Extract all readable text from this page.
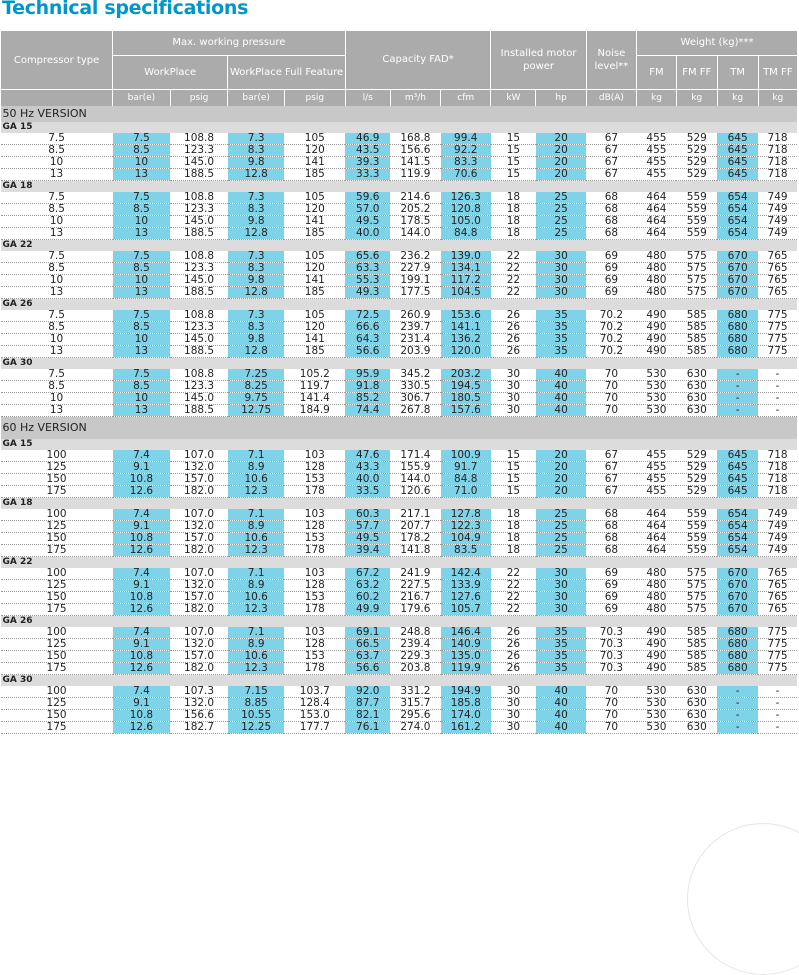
Technical specifications
Compressor type	Max. working pressure				Capacity FAD*			Installed motor power		Noise level**	Weight (kg)***			
	WorkPlace		WorkPlace Full Feature								FM	FM FF	TM	TM FF
	bar(e)	psig	bar(e)	psig	l/s	m³/h	cfm	kW	hp	dB(A)	kg	kg	kg	kg
50 Hz VERSION														
GA 15														
7.5	7.5	108.8	7.3	105	46.9	168.8	99.4	15	20	67	455	529	645	718
8.5	8.5	123.3	8.3	120	43.5	156.6	92.2	15	20	67	455	529	645	718
10	10	145.0	9.8	141	39.3	141.5	83.3	15	20	67	455	529	645	718
13	13	188.5	12.8	185	33.3	119.9	70.6	15	20	67	455	529	645	718
GA 18														
7.5	7.5	108.8	7.3	105	59.6	214.6	126.3	18	25	68	464	559	654	749
8.5	8.5	123.3	8.3	120	57.0	205.2	120.8	18	25	68	464	559	654	749
10	10	145.0	9.8	141	49.5	178.5	105.0	18	25	68	464	559	654	749
13	13	188.5	12.8	185	40.0	144.0	84.8	18	25	68	464	559	654	749
GA 22														
7.5	7.5	108.8	7.3	105	65.6	236.2	139.0	22	30	69	480	575	670	765
8.5	8.5	123.3	8.3	120	63.3	227.9	134.1	22	30	69	480	575	670	765
10	10	145.0	9.8	141	55.3	199.1	117.2	22	30	69	480	575	670	765
13	13	188.5	12.8	185	49.3	177.5	104.5	22	30	69	480	575	670	765
GA 26														
7.5	7.5	108.8	7.3	105	72.5	260.9	153.6	26	35	70.2	490	585	680	775
8.5	8.5	123.3	8.3	120	66.6	239.7	141.1	26	35	70.2	490	585	680	775
10	10	145.0	9.8	141	64.3	231.4	136.2	26	35	70.2	490	585	680	775
13	13	188.5	12.8	185	56.6	203.9	120.0	26	35	70.2	490	585	680	775
GA 30														
7.5	7.5	108.8	7.25	105.2	95.9	345.2	203.2	30	40	70	530	630	-	-
8.5	8.5	123.3	8.25	119.7	91.8	330.5	194.5	30	40	70	530	630	-	-
10	10	145.0	9.75	141.4	85.2	306.7	180.5	30	40	70	530	630	-	-
13	13	188.5	12.75	184.9	74.4	267.8	157.6	30	40	70	530	630	-	-
60 Hz VERSION														
GA 15														
100	7.4	107.0	7.1	103	47.6	171.4	100.9	15	20	67	455	529	645	718
125	9.1	132.0	8.9	128	43.3	155.9	91.7	15	20	67	455	529	645	718
150	10.8	157.0	10.6	153	40.0	144.0	84.8	15	20	67	455	529	645	718
175	12.6	182.0	12.3	178	33.5	120.6	71.0	15	20	67	455	529	645	718
GA 18														
100	7.4	107.0	7.1	103	60.3	217.1	127.8	18	25	68	464	559	654	749
125	9.1	132.0	8.9	128	57.7	207.7	122.3	18	25	68	464	559	654	749
150	10.8	157.0	10.6	153	49.5	178.2	104.9	18	25	68	464	559	654	749
175	12.6	182.0	12.3	178	39.4	141.8	83.5	18	25	68	464	559	654	749
GA 22														
100	7.4	107.0	7.1	103	67.2	241.9	142.4	22	30	69	480	575	670	765
125	9.1	132.0	8.9	128	63.2	227.5	133.9	22	30	69	480	575	670	765
150	10.8	157.0	10.6	153	60.2	216.7	127.6	22	30	69	480	575	670	765
175	12.6	182.0	12.3	178	49.9	179.6	105.7	22	30	69	480	575	670	765
GA 26														
100	7.4	107.0	7.1	103	69.1	248.8	146.4	26	35	70.3	490	585	680	775
125	9.1	132.0	8.9	128	66.5	239.4	140.9	26	35	70.3	490	585	680	775
150	10.8	157.0	10.6	153	63.7	229.3	135.0	26	35	70.3	490	585	680	775
175	12.6	182.0	12.3	178	56.6	203.8	119.9	26	35	70.3	490	585	680	775
GA 30														
100	7.4	107.3	7.15	103.7	92.0	331.2	194.9	30	40	70	530	630	-	-
125	9.1	132.0	8.85	128.4	87.7	315.7	185.8	30	40	70	530	630	-	-
150	10.8	156.6	10.55	153.0	82.1	295.6	174.0	30	40	70	530	630	-	-
175	12.6	182.7	12.25	177.7	76.1	274.0	161.2	30	40	70	530	630	-	-
